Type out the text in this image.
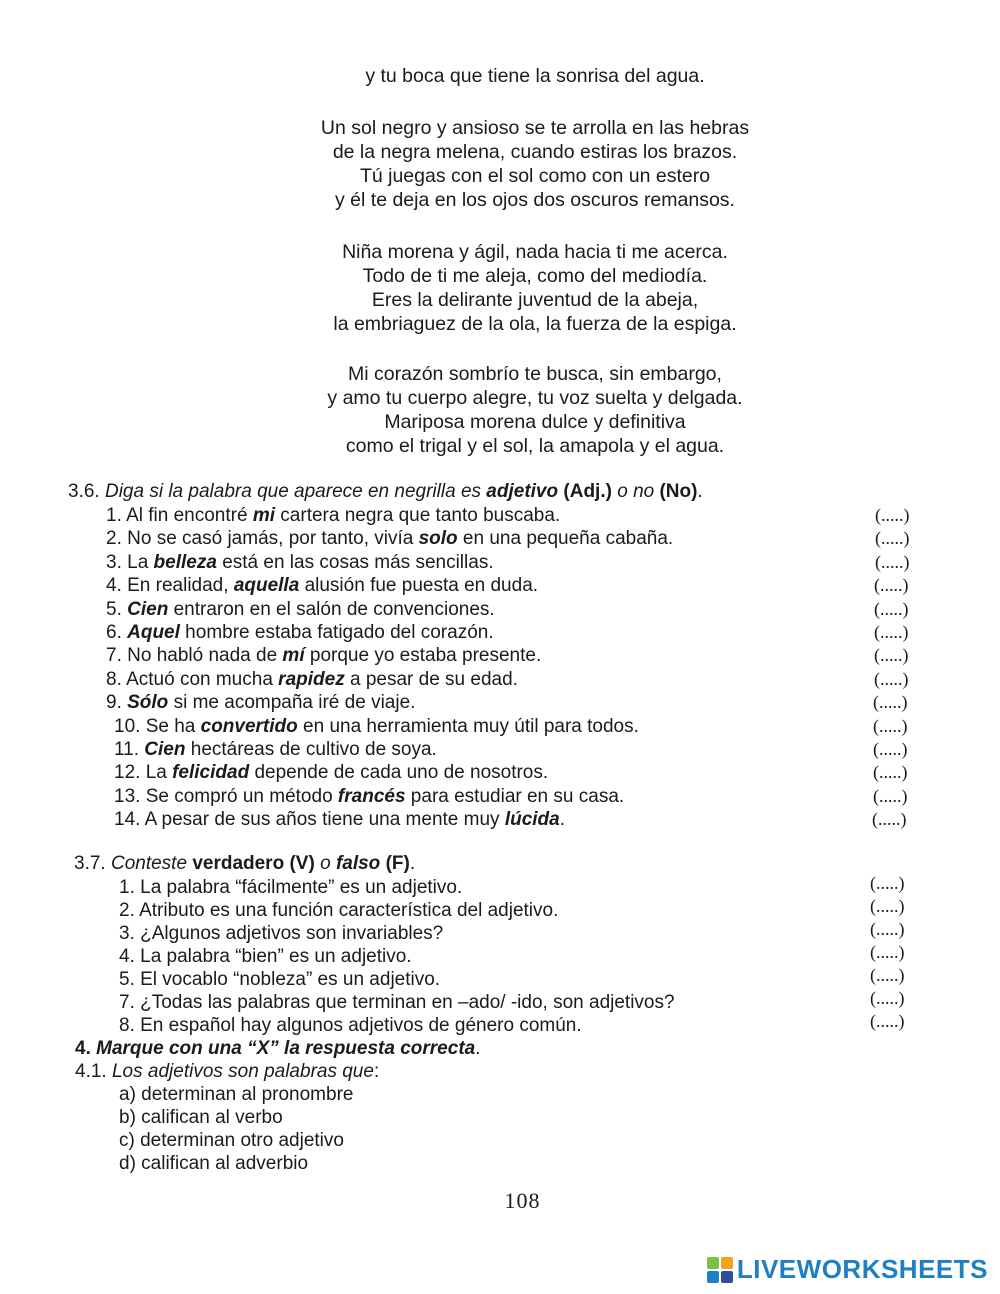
y tu boca que tiene la sonrisa del agua.
Un sol negro y ansioso se te arrolla en las hebras
de la negra melena, cuando estiras los brazos.
Tú juegas con el sol como con un estero
y él te deja en los ojos dos oscuros remansos.
Niña morena y ágil, nada hacia ti me acerca.
Todo de ti me aleja, como del mediodía.
Eres la delirante juventud de la abeja,
la embriaguez de la ola, la fuerza de la espiga.
Mi corazón sombrío te busca, sin embargo,
y amo tu cuerpo alegre, tu voz suelta y delgada.
Mariposa morena dulce y definitiva
como el trigal y el sol, la amapola y el agua.
3.6. Diga si la palabra que aparece en negrilla es adjetivo (Adj.) o no (No).
1. Al fin encontré mi cartera negra que tanto buscaba.	(.....)
2. No se casó jamás, por tanto, vivía solo en una pequeña cabaña.	(.....)
3. La belleza está en las cosas más sencillas.	(.....)
4. En realidad, aquella alusión fue puesta en duda.	(.....)
5. Cien entraron en el salón de convenciones.	(.....)
6. Aquel hombre estaba fatigado del corazón.	(.....)
7. No habló nada de mí porque yo estaba presente.	(.....)
8. Actuó con mucha rapidez a pesar de su edad.	(.....)
9. Sólo si me acompaña iré de viaje.	(.....)
10. Se ha convertido en una herramienta muy útil para todos.	(.....)
11. Cien hectáreas de cultivo de soya.	(.....)
12. La felicidad depende de cada uno de nosotros.	(.....)
13. Se compró un método francés para estudiar en su casa.	(.....)
14. A pesar de sus años tiene una mente muy lúcida.	(.....)
3.7. Conteste verdadero (V) o falso (F).
1. La palabra “fácilmente” es un adjetivo.	(.....)
2. Atributo es una función característica del adjetivo.	(.....)
3. ¿Algunos adjetivos son invariables?	(.....)
4. La palabra “bien” es un adjetivo.	(.....)
5. El vocablo “nobleza” es un adjetivo.	(.....)
7. ¿Todas las palabras que terminan en –ado/ -ido, son adjetivos?	(.....)
8. En español hay algunos adjetivos de género común.	(.....)
4. Marque con una “X” la respuesta correcta.
4.1. Los adjetivos son palabras que:
a) determinan al pronombre
b) califican al verbo
c) determinan otro adjetivo
d) califican al adverbio
108
LIVEWORKSHEETS
